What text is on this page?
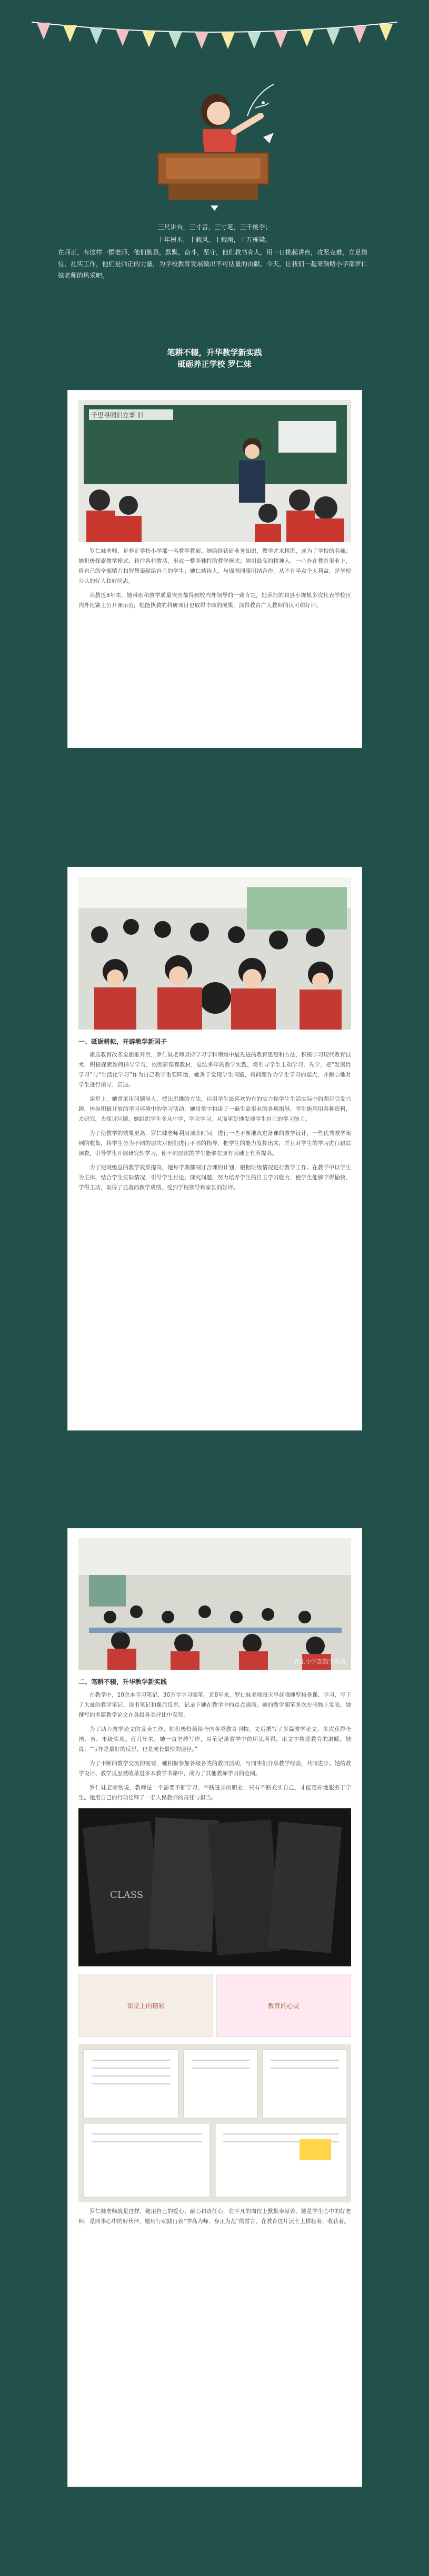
三尺讲台，三寸舌，三寸笔，三千桃李；

十年树木，十载风，十载雨，十万栋梁。

在师正，有这样一群老师，他们勤恳，默默，奋斗，坚守，他们教书育人，用一日挑起讲台，攻坚克难，立足岗位，扎实工作，他们是师正的力量，为学校教育发展做出不可估量的贡献。今天，让我们一起来领略小学部罗仁妹老师的风采吧。

笔耕不辍，升华教学新实践
砥砺养正学校 罗仁妹
千里寻同旧立事 旧

罗仁妹老师，是养正学校小学部一名教学教师。她始终钻研业务知识，教学艺术精湛，成为了学校的名师；她积极探索教学模式，转往各村教活，形成一整套独特的教学模式；她用最高的精神入，一心扑在教育事业上，将自己的全部精力和智慧奉献给自己的学生；她仁慈待人，与周围同事团结合作，从不肯半点个人利益，是学校公认的好人和好同志。

从教近8年来，她带班和教学质量突出都得到校内外领导的一致肯定，她承担的和县小规模多次代表学校区内外比赛上公开课示范，她能执教的科研项目也取得丰硕的成果，深得教育广大教师的认可和好评。

一、砥砺耕耘，开辟教学新园子

素质教育改革全面推开后，罗仁妹老师坚持学习学科领域中最先进的教育思想和方法，积极学习现代教育技术，积极探索如何指导学习，依照新课程教材，总结多年的教学实践，将引导学生主动学习，先学，把“发展性学习”与“生活化学习”作为自己教学重要阵地，她善于发现学生问题，将问题作为学生学习的起点，并耐心地对学生进行指导、启迪。

课堂上，她常采用问题导入、授法思维的方法，运用学生最喜欢的有的实力和学生生活实际中的题目引发兴趣，体验积极开放的学习环境中的学习活动，她用常字和讲了一遍生命事业的各项指导，学生能利用各种资料，去研究，去探讨问题，她组织学生多从中学，学会学习，从而更好地发展学生自己的学习能力。

为了使教学的效果更高，罗仁妹老师利用课余时间，进行一些不断地改进备课的教学设计，一些优秀教学案例的收集，将学生分为不同的层次对他们进行不同的指导，把学生的能力发挥出来，并且对学生的学习进行跟踪调查，引导学生开展研究性学习，使不同层次的学生能够在原有基础上有所提高。

为了使班级总的教学效果提高，她每学期都制订合理的计划，根据班级情况进行教学工作。在教学中以学生为主体，结合学生实际情况，引导学生讨论、探究问题，努力培养学生的自主学习能力，使学生能够学得愉快、学得主动，取得了显著的教学成绩，受到学校领导和家长的好评。

养正小学部数学教研
二、笔耕不辍，升华教学新实践

在教学中，10余本学习笔记，30万字学习随笔。近8年来，罗仁妹老师每天早起晚睡坚持备课、学习，写下了大量的教学笔记、读书笔记和课后反思，记录下她在教学中的点点滴滴。她的教学随笔多次在刊物上发表，她撰写的多篇教学论文在各级各类评比中获奖。

为了助力教学论文的发表工作，她积极投稿给全国各类教育刊物，先后撰写了多篇教学论文，多次获得全国、省、市级奖项。近几年来，她一直坚持写作，用笔记录教学中的所思所得，用文字传递教育的温暖。她说：“写作是最好的反思，也是成长最快的途径。”

为了不断的教学交流的需要，她积极参加各级各类的教研活动，与同事们分享教学经验，共同进步。她的教学设计、教学反思被收录进多本教学书籍中，成为了其他教师学习的范例。

罗仁妹老师常说，教师是一个需要不断学习、不断进步的职业，只有不断充实自己，才能更好地服务于学生。她用自己的行动诠释了一名人民教师的责任与担当。

CLASS
课堂上的精彩	教育的心灵

罗仁妹老师就是这样，她用自己的爱心、耐心和责任心，在平凡的岗位上默默奉献着。她是学生心中的好老师，是同事心中的好伙伴。她用行动践行着“学高为师、身正为范”的誓言，在教育这片沃土上耕耘着、收获着。
